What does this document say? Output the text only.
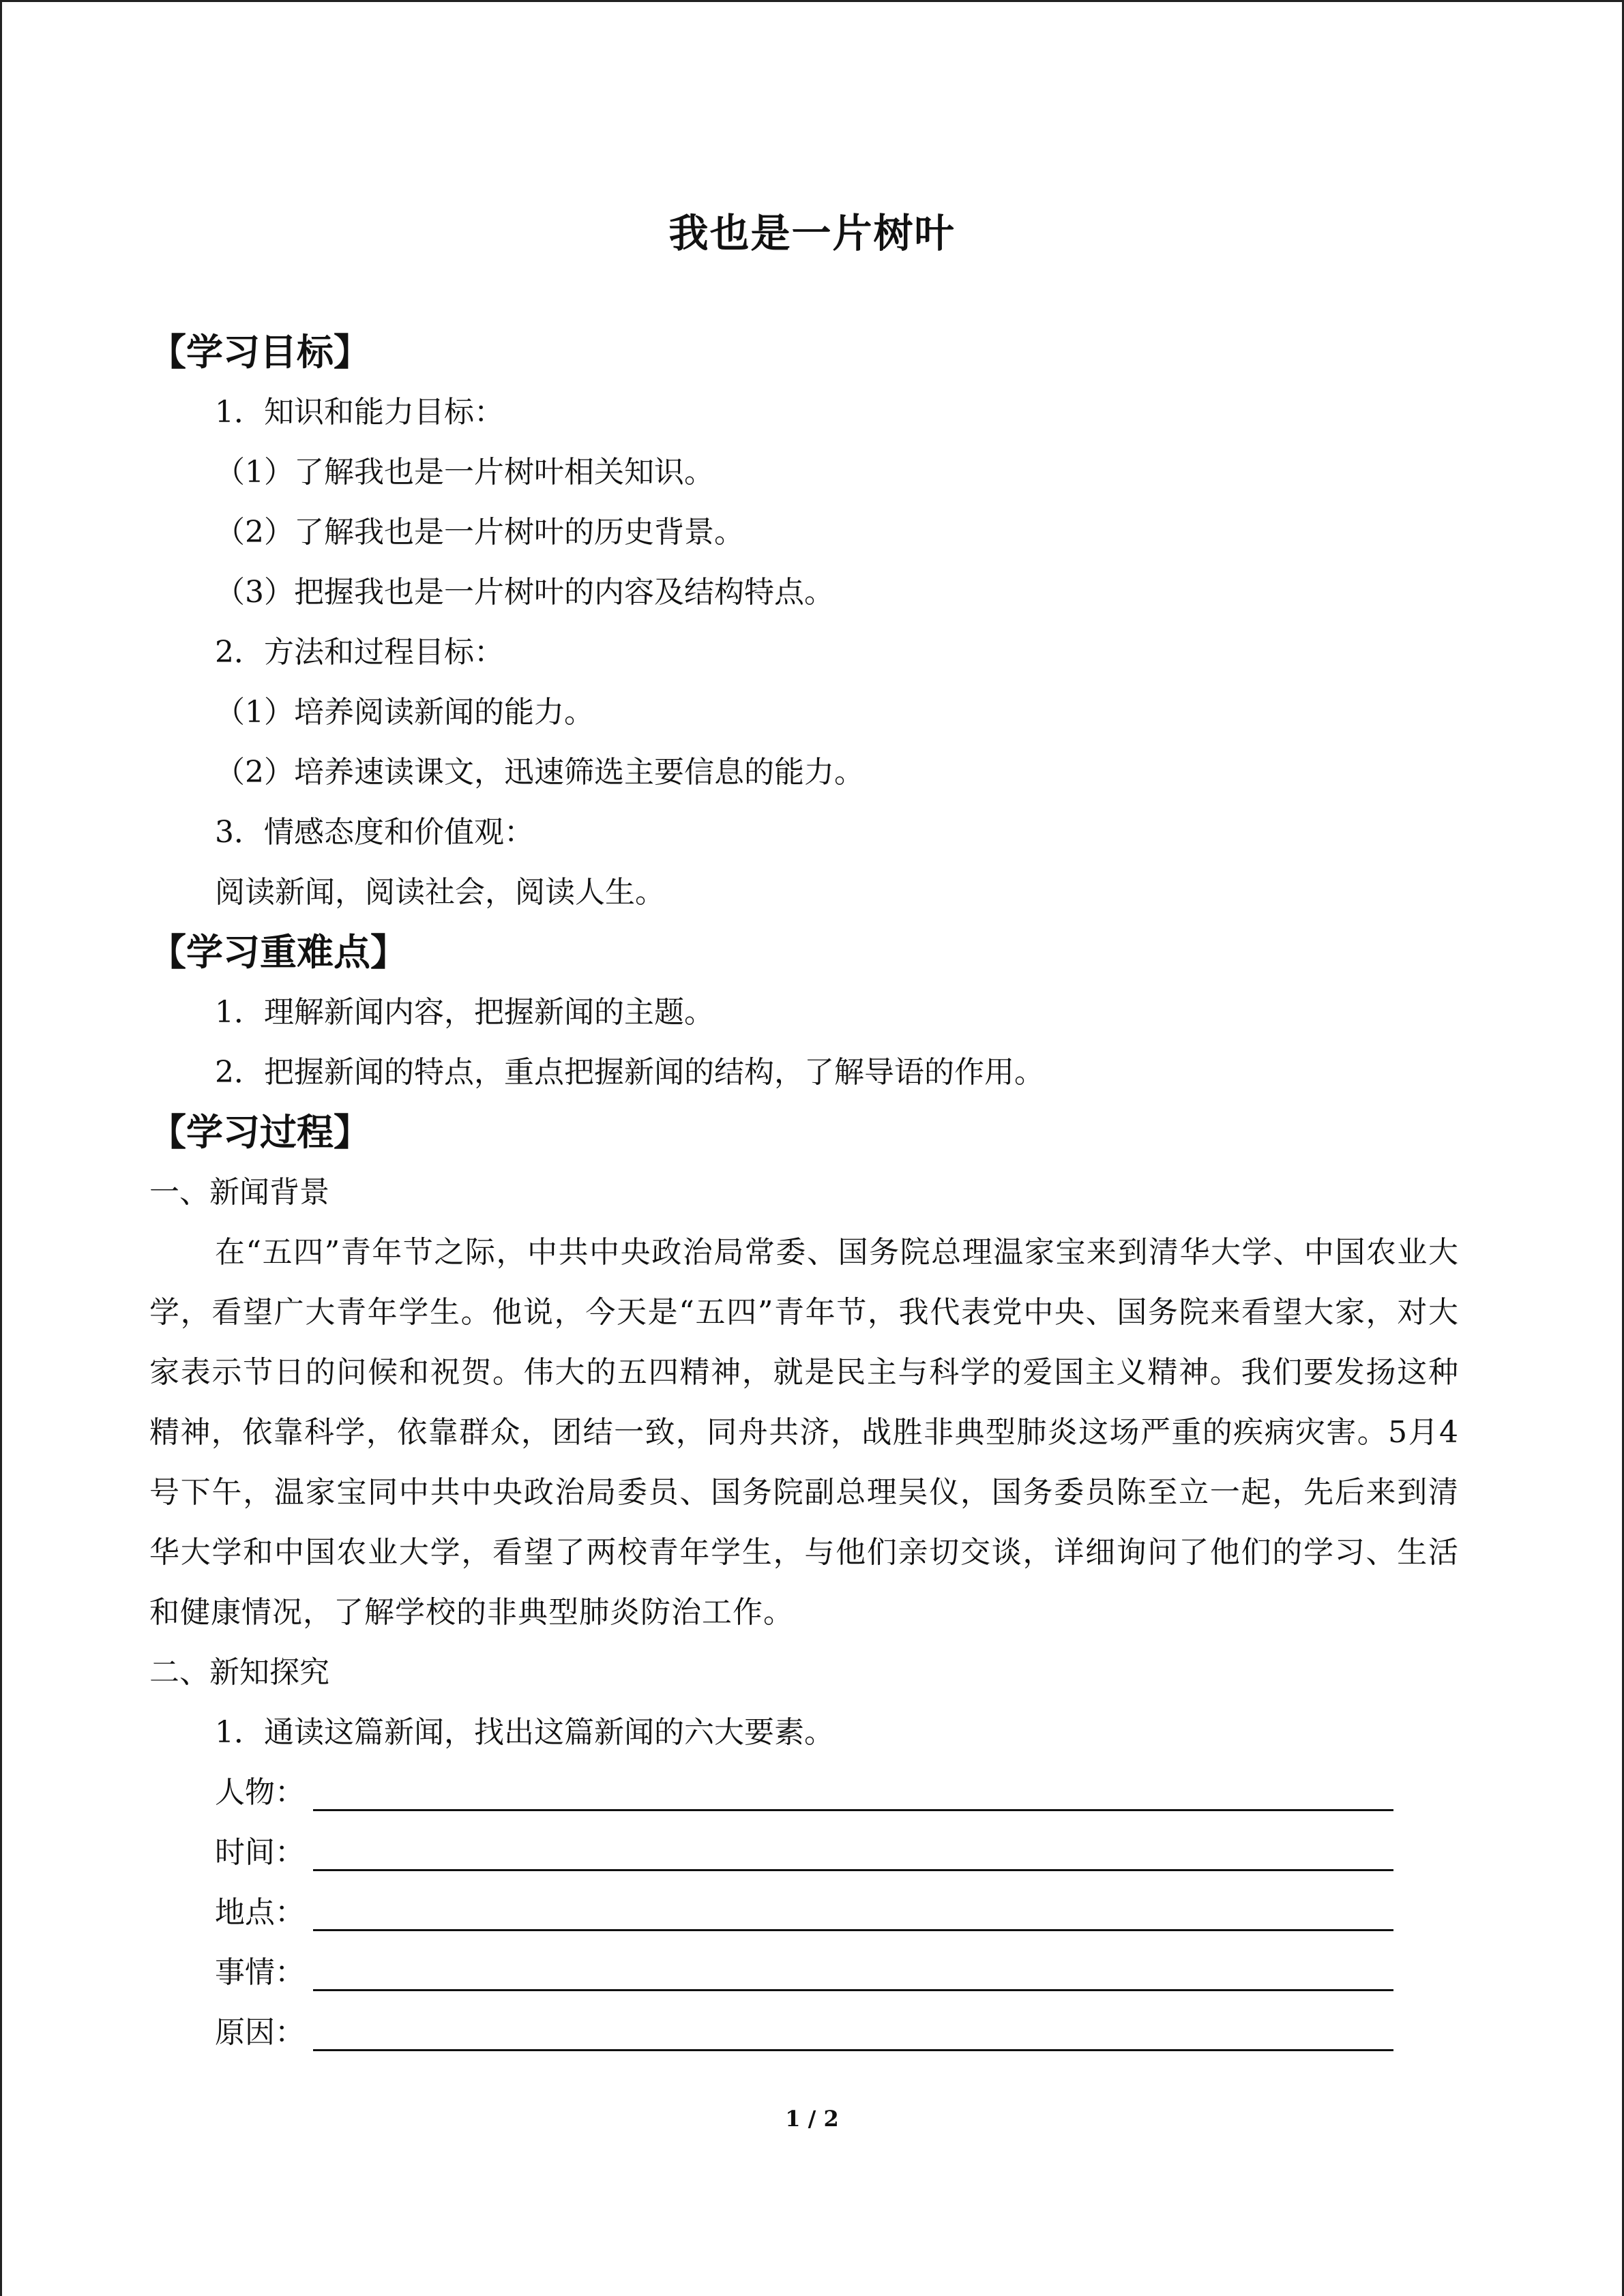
我也是一片树叶
【学习目标】
1．知识和能力目标：
（1）了解我也是一片树叶相关知识。
（2）了解我也是一片树叶的历史背景。
（3）把握我也是一片树叶的内容及结构特点。
2．方法和过程目标：
（1）培养阅读新闻的能力。
（2）培养速读课文，迅速筛选主要信息的能力。
3．情感态度和价值观：
阅读新闻，阅读社会，阅读人生。
【学习重难点】
1．理解新闻内容，把握新闻的主题。
2．把握新闻的特点，重点把握新闻的结构，了解导语的作用。
【学习过程】
一、新闻背景
在“五四”青年节之际，中共中央政治局常委、国务院总理温家宝来到清华大学、中国农业大学，看望广大青年学生。他说，今天是“五四”青年节，我代表党中央、国务院来看望大家，对大家表示节日的问候和祝贺。伟大的五四精神，就是民主与科学的爱国主义精神。我们要发扬这种精神，依靠科学，依靠群众，团结一致，同舟共济，战胜非典型肺炎这场严重的疾病灾害。5月4号下午，温家宝同中共中央政治局委员、国务院副总理吴仪，国务委员陈至立一起，先后来到清华大学和中国农业大学，看望了两校青年学生，与他们亲切交谈，详细询问了他们的学习、生活和健康情况，了解学校的非典型肺炎防治工作。
二、新知探究
1．通读这篇新闻，找出这篇新闻的六大要素。
人物：
时间：
地点：
事情：
原因：
1 / 2
